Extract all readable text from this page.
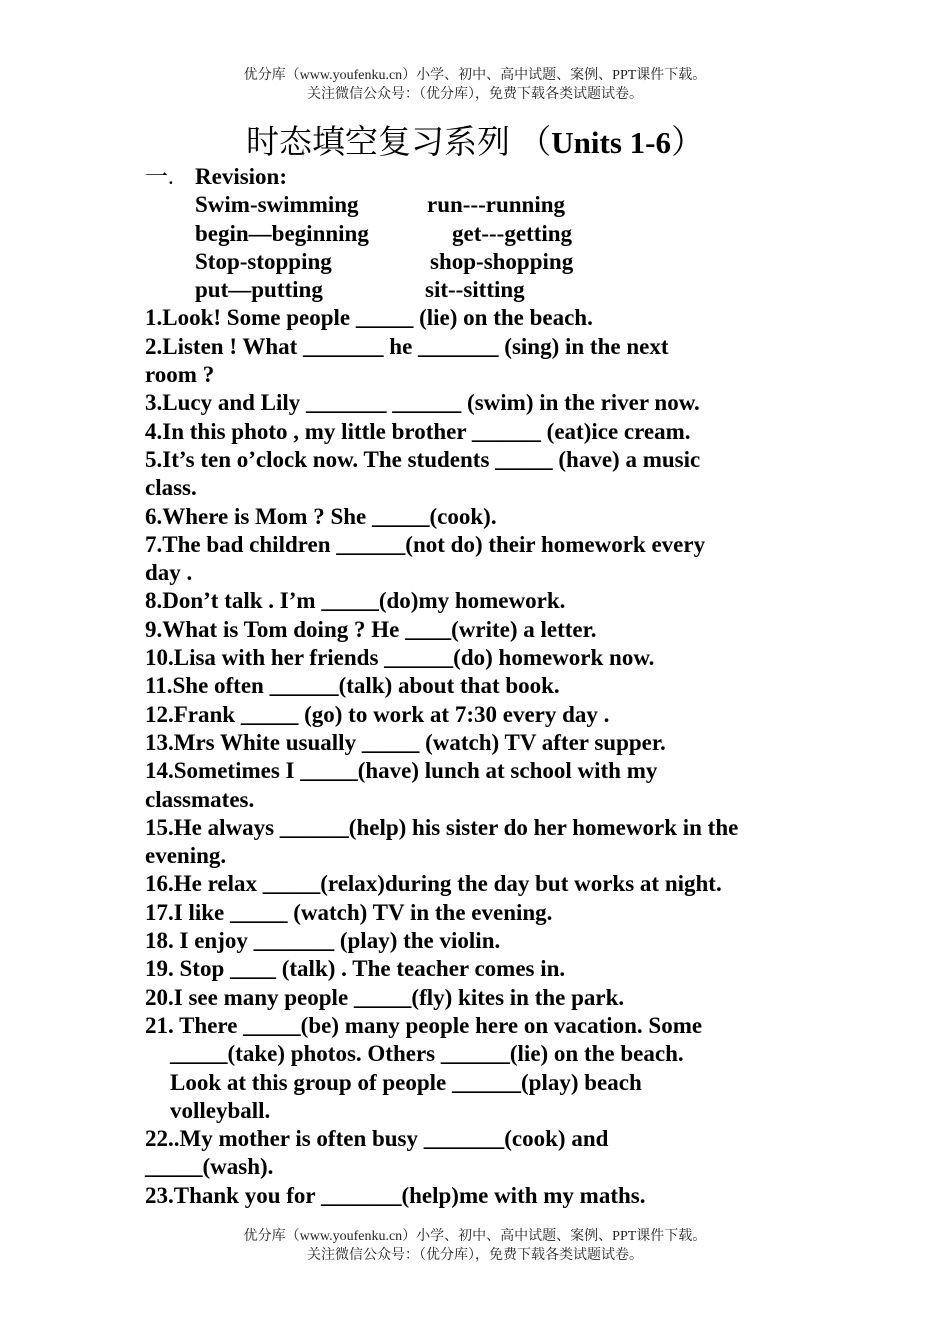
优分库（www.youfenku.cn）小学、初中、高中试题、案例、PPT课件下载。
关注微信公众号：（优分库），免费下载各类试题试卷。
时态填空复习系列 （Units 1-6）
一. Revision:
Swim-swimming	run---running
begin—beginning	get---getting
Stop-stopping	shop-shopping
put—putting	sit--sitting
1.Look! Some people _____ (lie) on the beach.
2.Listen ! What _______ he _______ (sing) in the next
room ?
3.Lucy and Lily _______ ______ (swim) in the river now.
4.In this photo , my little brother ______ (eat)ice cream.
5.It’s ten o’clock now. The students _____ (have) a music
class.
6.Where is Mom ? She _____(cook).
7.The bad children ______(not do) their homework every
day .
8.Don’t talk . I’m _____(do)my homework.
9.What is Tom doing ? He ____(write) a letter.
10.Lisa with her friends ______(do) homework now.
11.She often ______(talk) about that book.
12.Frank _____ (go) to work at 7:30 every day .
13.Mrs White usually _____ (watch) TV after supper.
14.Sometimes I _____(have) lunch at school with my
classmates.
15.He always ______(help) his sister do her homework in the
evening.
16.He relax _____(relax)during the day but works at night.
17.I like _____ (watch) TV in the evening.
18. I enjoy _______ (play) the violin.
19. Stop ____ (talk) . The teacher comes in.
20.I see many people _____(fly) kites in the park.
21. There _____(be) many people here on vacation. Some
_____(take) photos. Others ______(lie) on the beach.
Look at this group of people ______(play) beach
volleyball.
22..My mother is often busy _______(cook) and
_____(wash).
23.Thank you for _______(help)me with my maths.
优分库（www.youfenku.cn）小学、初中、高中试题、案例、PPT课件下载。
关注微信公众号：（优分库），免费下载各类试题试卷。
